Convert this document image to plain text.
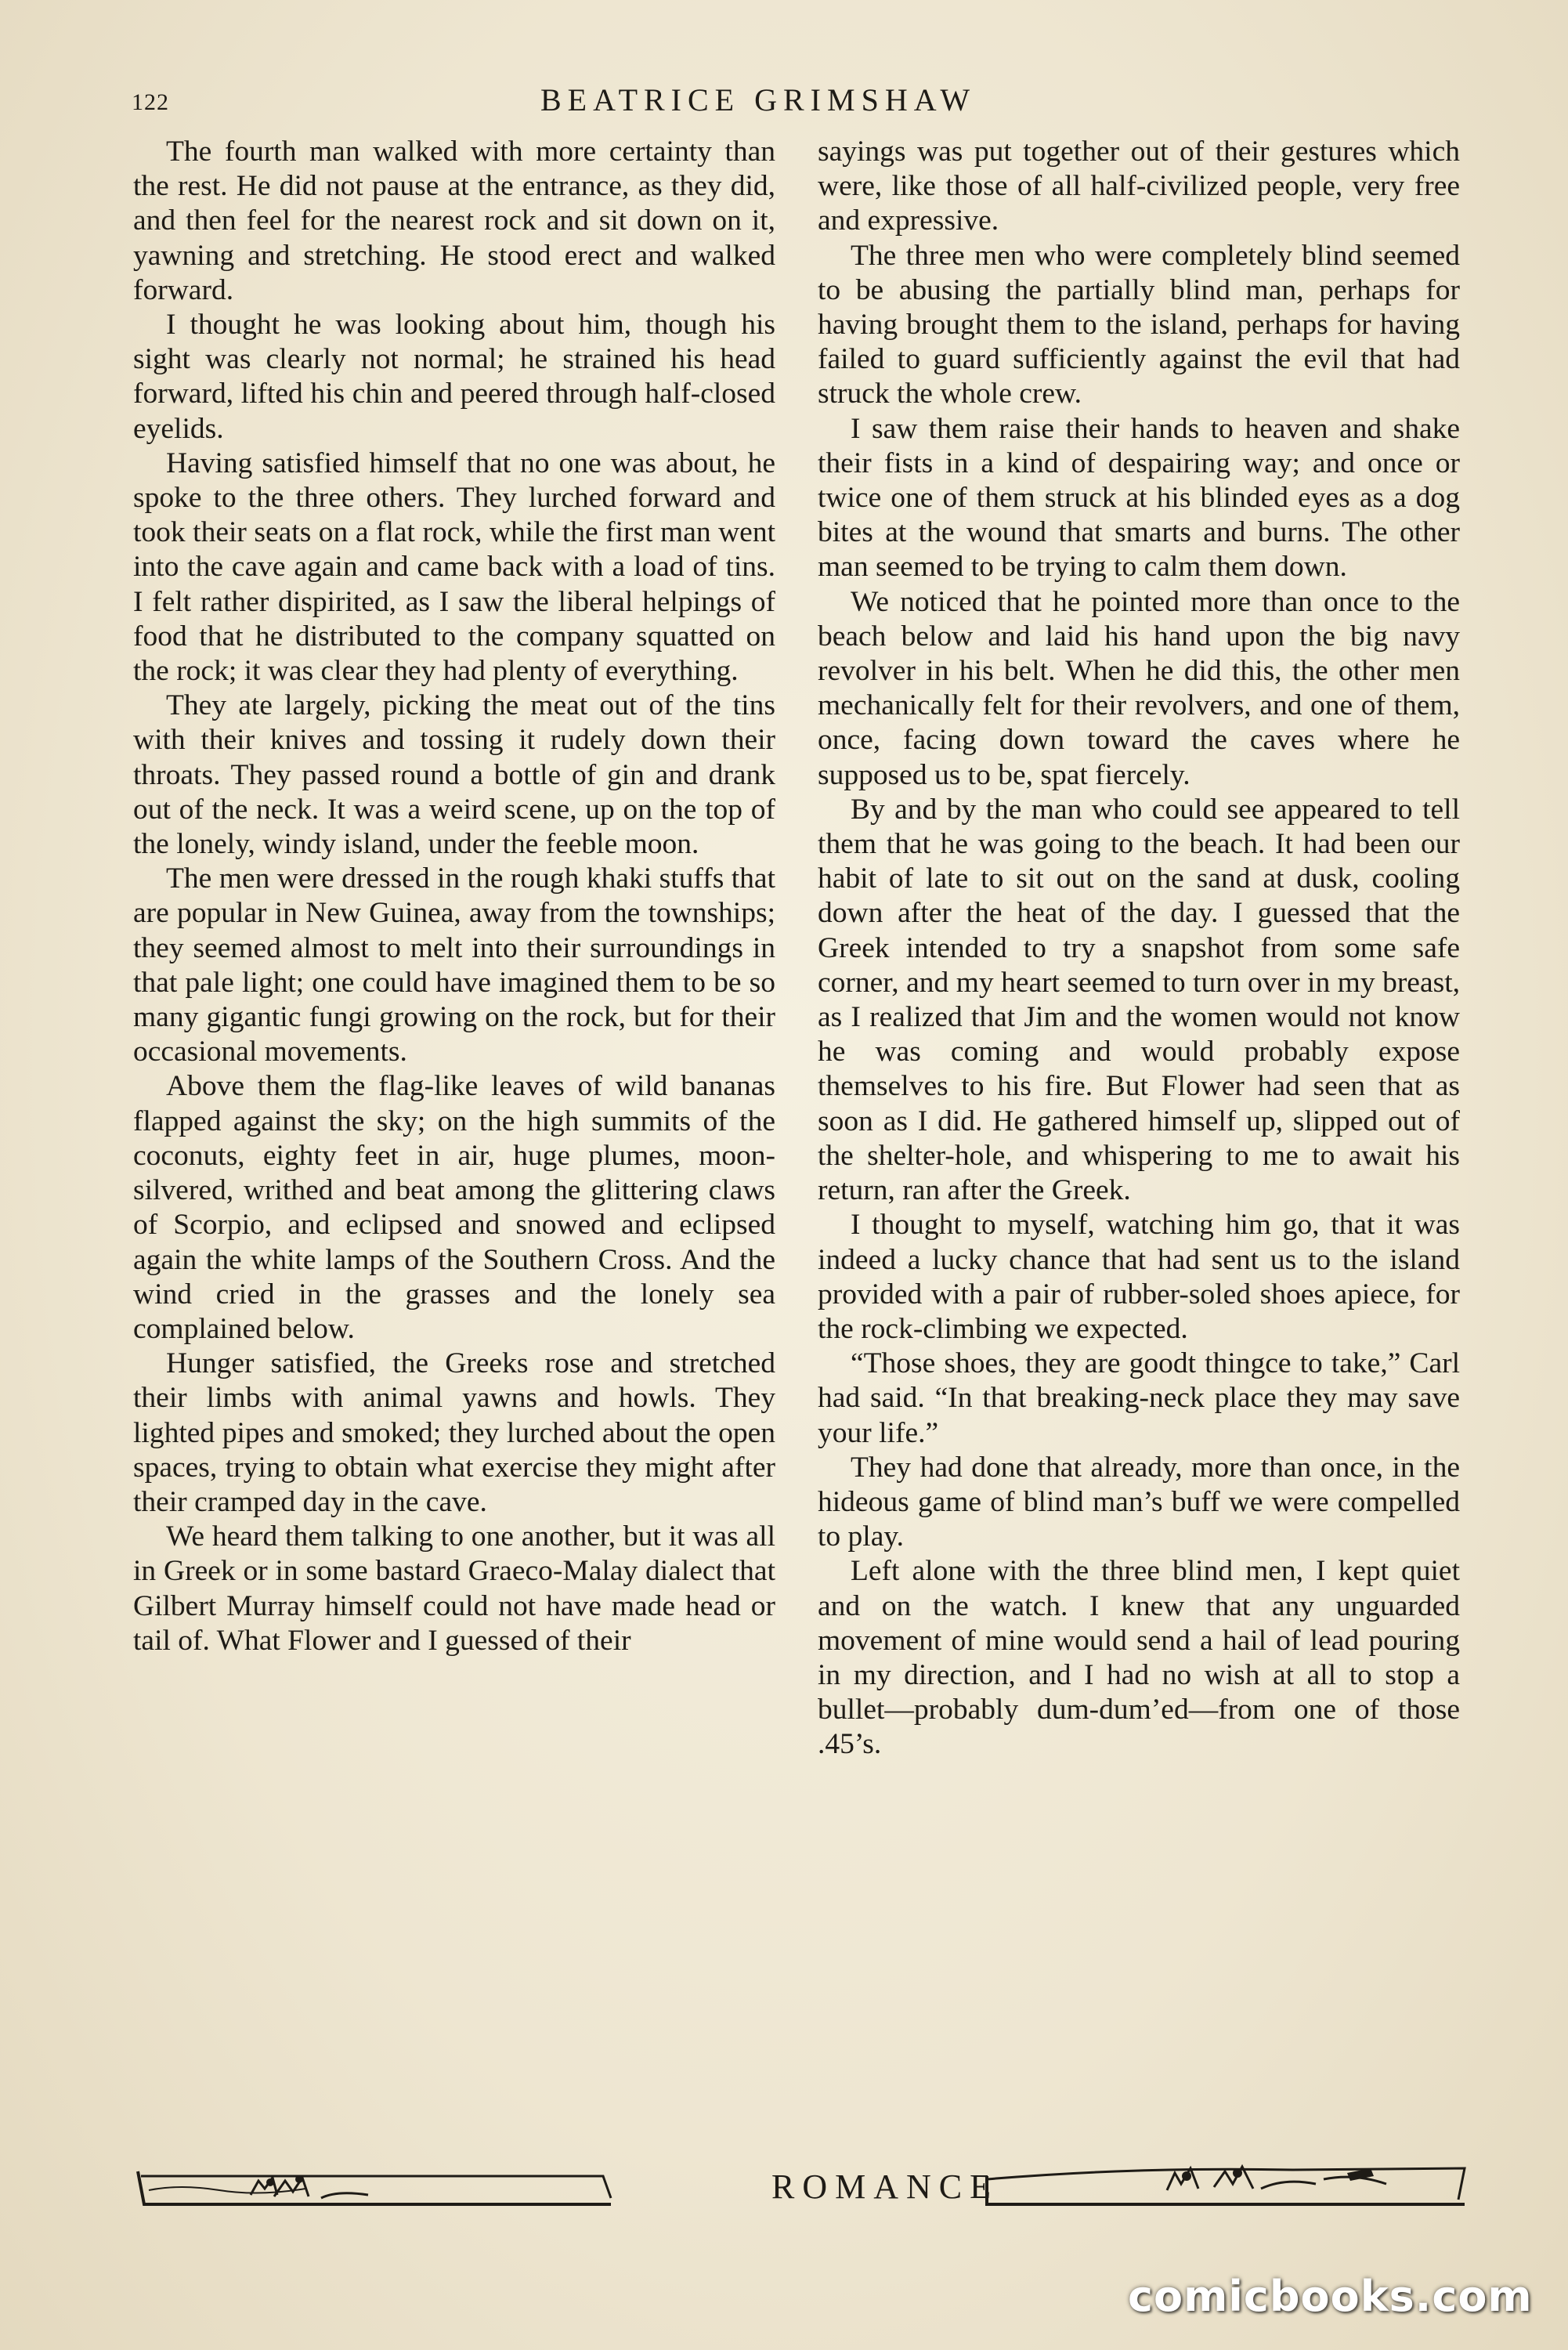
122	BEATRICE GRIMSHAW

The fourth man walked with more certainty than the rest. He did not pause at the entrance, as they did, and then feel for the nearest rock and sit down on it, yawning and stretching. He stood erect and walked forward.

I thought he was looking about him, though his sight was clearly not normal; he strained his head forward, lifted his chin and peered through half-closed eyelids.

Having satisfied himself that no one was about, he spoke to the three others. They lurched forward and took their seats on a flat rock, while the first man went into the cave again and came back with a load of tins. I felt rather dispirited, as I saw the liberal helpings of food that he distributed to the company squatted on the rock; it was clear they had plenty of everything.

They ate largely, picking the meat out of the tins with their knives and tossing it rudely down their throats. They passed round a bottle of gin and drank out of the neck. It was a weird scene, up on the top of the lonely, windy island, under the feeble moon.

The men were dressed in the rough khaki stuffs that are popular in New Guinea, away from the townships; they seemed almost to melt into their surroundings in that pale light; one could have imagined them to be so many gigantic fungi growing on the rock, but for their occasional movements.

Above them the flag-like leaves of wild bananas flapped against the sky; on the high summits of the coconuts, eighty feet in air, huge plumes, moon-silvered, writhed and beat among the glittering claws of Scorpio, and eclipsed and snowed and eclipsed again the white lamps of the Southern Cross. And the wind cried in the grasses and the lonely sea complained below.

Hunger satisfied, the Greeks rose and stretched their limbs with animal yawns and howls. They lighted pipes and smoked; they lurched about the open spaces, trying to obtain what exercise they might after their cramped day in the cave.

We heard them talking to one another, but it was all in Greek or in some bastard Graeco-Malay dialect that Gilbert Murray himself could not have made head or tail of. What Flower and I guessed of their

sayings was put together out of their gestures which were, like those of all half-civilized people, very free and expressive.

The three men who were completely blind seemed to be abusing the partially blind man, perhaps for having brought them to the island, perhaps for having failed to guard sufficiently against the evil that had struck the whole crew.

I saw them raise their hands to heaven and shake their fists in a kind of despairing way; and once or twice one of them struck at his blinded eyes as a dog bites at the wound that smarts and burns. The other man seemed to be trying to calm them down.

We noticed that he pointed more than once to the beach below and laid his hand upon the big navy revolver in his belt. When he did this, the other men mechanically felt for their revolvers, and one of them, once, facing down toward the caves where he supposed us to be, spat fiercely.

By and by the man who could see appeared to tell them that he was going to the beach. It had been our habit of late to sit out on the sand at dusk, cooling down after the heat of the day. I guessed that the Greek intended to try a snapshot from some safe corner, and my heart seemed to turn over in my breast, as I realized that Jim and the women would not know he was coming and would probably expose themselves to his fire. But Flower had seen that as soon as I did. He gathered himself up, slipped out of the shelter-hole, and whispering to me to await his return, ran after the Greek.

I thought to myself, watching him go, that it was indeed a lucky chance that had sent us to the island provided with a pair of rubber-soled shoes apiece, for the rock-climbing we expected.

“Those shoes, they are goodt thingce to take,” Carl had said. “In that breaking-neck place they may save your life.”

They had done that already, more than once, in the hideous game of blind man’s buff we were compelled to play.

Left alone with the three blind men, I kept quiet and on the watch. I knew that any unguarded movement of mine would send a hail of lead pouring in my direction, and I had no wish at all to stop a bullet—probably dum-dum’ed—from one of those .45’s.

ROMANCE
comicbooks.com
